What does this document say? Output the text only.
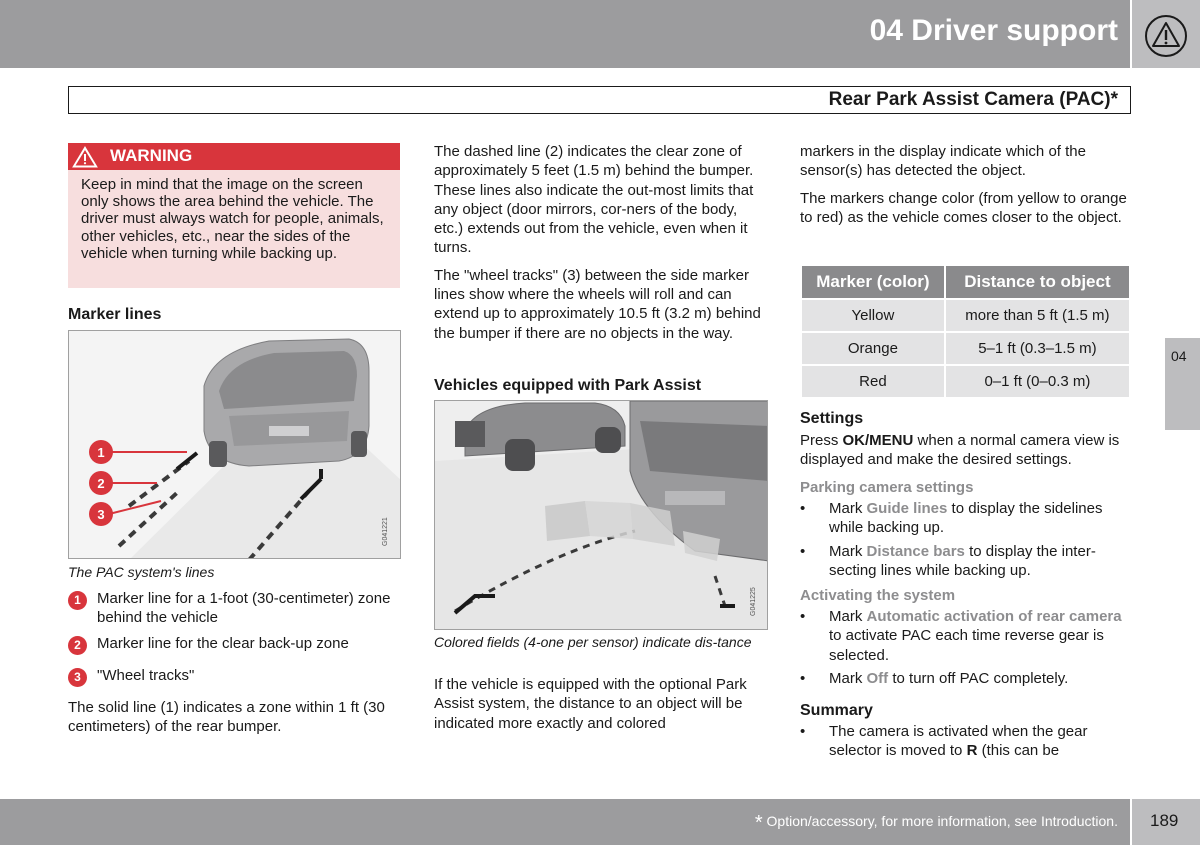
04 Driver support
Rear Park Assist Camera (PAC)*
WARNING
Keep in mind that the image on the screen only shows the area behind the vehicle. The driver must always watch for people, animals, other vehicles, etc., near the sides of the vehicle when turning while backing up.
Marker lines
1
2
3
G041221
The PAC system's lines
1	Marker line for a 1-foot (30-centimeter) zone behind the vehicle
2	Marker line for the clear back-up zone
3	"Wheel tracks"
The solid line (1) indicates a zone within 1 ft (30 centimeters) of the rear bumper.

The dashed line (2) indicates the clear zone of approximately 5 feet (1.5 m) behind the bumper. These lines also indicate the out-most limits that any object (door mirrors, cor-ners of the body, etc.) extends out from the vehicle, even when it turns.

The "wheel tracks" (3) between the side marker lines show where the wheels will roll and can extend up to approximately 10.5 ft (3.2 m) behind the bumper if there are no objects in the way.

Vehicles equipped with Park Assist
G041225
Colored fields (4-one per sensor) indicate dis-tance
If the vehicle is equipped with the optional Park Assist system, the distance to an object will be indicated more exactly and colored

markers in the display indicate which of the sensor(s) has detected the object.

The markers change color (from yellow to orange to red) as the vehicle comes closer to the object.

Marker (color)	Distance to object
Yellow	more than 5 ft (1.5 m)
Orange	5–1 ft (0.3–1.5 m)
Red	0–1 ft (0–0.3 m)
Settings
Press OK/MENU when a normal camera view is displayed and make the desired settings.
Parking camera settings
• Mark Guide lines to display the sidelines while backing up.
• Mark Distance bars to display the inter-secting lines while backing up.
Activating the system
• Mark Automatic activation of rear camera to activate PAC each time reverse gear is selected.
• Mark Off to turn off PAC completely.
Summary
• The camera is activated when the gear selector is moved to R (this can be
04
* Option/accessory, for more information, see Introduction. 189
